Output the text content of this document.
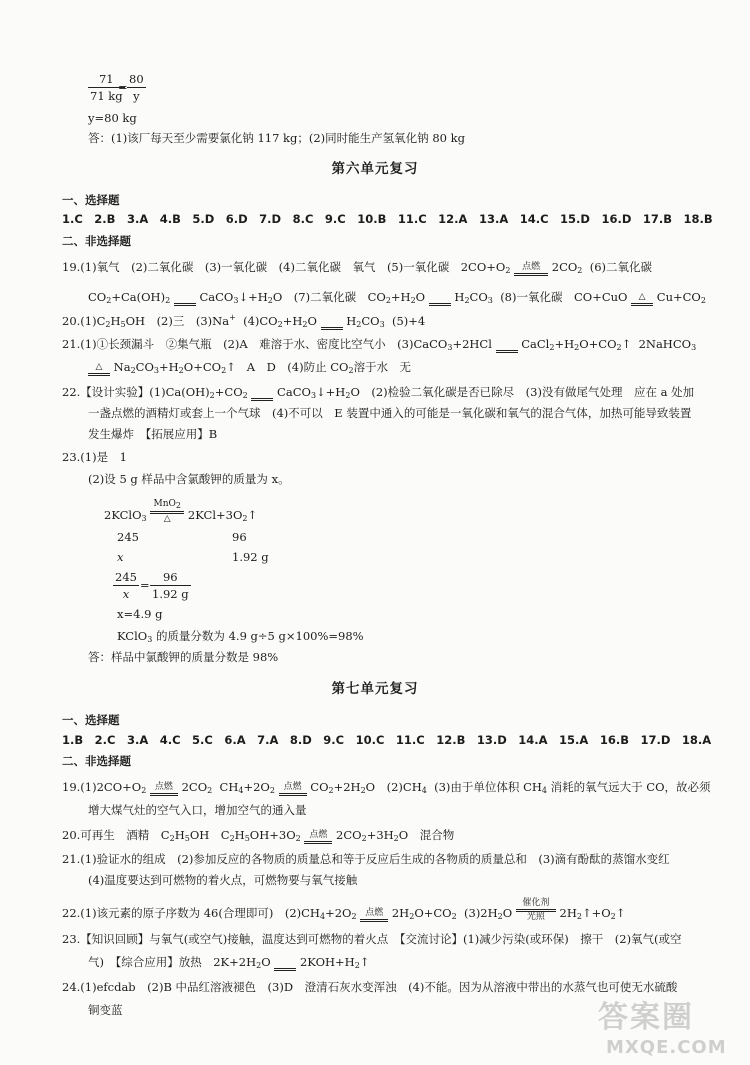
$\frac{71}{71 kg}$
= $\frac{80}{y}$
y=80 kg
答：(1)该厂每天至少需要氯化钠 117 kg；(2)同时能生产氢氧化钠 80 kg
第六单元复习
一、选择题
1.C　2.B　3.A　4.B　5.D　6.D　7.D　8.C　9.C　10.B　11.C　12.A　13.A　14.C　15.D　16.D　17.B　18.B
二、非选择题
19.(1)氧气　(2)二氧化碳　(3)一氧化碳　(4)二氧化碳　氧气　(5)一氧化碳　$2CO+O_2$	点燃	$2CO_2$ (6)二氧化碳
$CO_2+Ca(OH)_2$	$CaCO_3↓+H_2O$　(7)二氧化碳　$CO_2+H_2O$	$H_2CO_3$ (8)一氧化碳　CO+CuO	△ $Cu+CO_2$
$20.(1)C_2H_5OH$　(2)三　(3)Na+ $(4)CO_2+H_2O$	$H_2CO_3$ (5)+4
21.(1)①长颈漏斗　②集气瓶　(2)A　难溶于水、密度比空气小　(3)CaCO$_3$+2HCl	$CaCl_2+H_2O+CO_2↑$  2NaHCO$_3$
△ $Na_2CO_3+H_2O+CO_2↑$   A　D　(4)防止 $CO_2$溶于水　无
22.【设计实验】$(1)Ca(OH)_2+CO_2$	$CaCO_3↓+H_2O$　(2)检验二氧化碳是否已除尽　(3)没有做尾气处理　应在 a 处加
一盏点燃的酒精灯或套上一个气球　(4)不可以　E 装置中通入的可能是一氧化碳和氧气的混合气体，加热可能导致装置
发生爆炸　【拓展应用】B
23.(1)是　1
(2)设 5 g 样品中含氯酸钾的质量为 x。
2KClO$_3$
MnO$_2$
△	$2KCl+3O_2↑$
245	96
x	1.92 g
$\frac{245}{x} = \frac{96}{1.92 g}$
x=4.9 g
KClO$_3$ 的质量分数为 4.9 g÷5 g×100%=98%
答：样品中氯酸钾的质量分数是 98%
第七单元复习
一、选择题
1.B　2.C　3.A　4.C　5.C　6.A　7.A　8.D　9.C　10.C　11.C　12.B　13.D　14.A　15.A　16.B　17.D　18.A
二、非选择题
$19.(1)2CO+O_2$ 点燃 $2CO_2$ $CH_4+2O_2$ 点燃 $CO_2+2H_2O$　$(2)CH_4$ (3)由于单位体积 $CH_4$ 消耗的氧气远大于 CO，故必须
增大煤气灶的空气入口，增加空气的通入量
20.可再生　酒精　$C_2H_5OH$　$C_2H_5OH+3O_2$ 点燃 $2CO_2+3H_2O$　混合物
21.(1)验证水的组成　(2)参加反应的各物质的质量总和等于反应后生成的各物质的质量总和　(3)滴有酚酞的蒸馏水变红
(4)温度要达到可燃物的着火点，可燃物要与氧气接触
22.(1)该元素的原子序数为 46(合理即可)　$(2)CH_4+2O_2$ 点燃 $2H_2O+CO_2$ $(3)2H_2O$
催化剂
光照	$2H_2↑+O_2↑$
23.【知识回顾】与氧气(或空气)接触，温度达到可燃物的着火点　【交流讨论】(1)减少污染(或环保)　擦干　(2)氧气(或空
气)　【综合应用】放热　$2K+2H_2O$	$2KOH+H_2↑$
24.(1)efcdab　(2)B 中品红溶液褪色　(3)D　澄清石灰水变浑浊　(4)不能。因为从溶液中带出的水蒸气也可使无水硫酸
铜变蓝	答案圈
MXQE.COM
